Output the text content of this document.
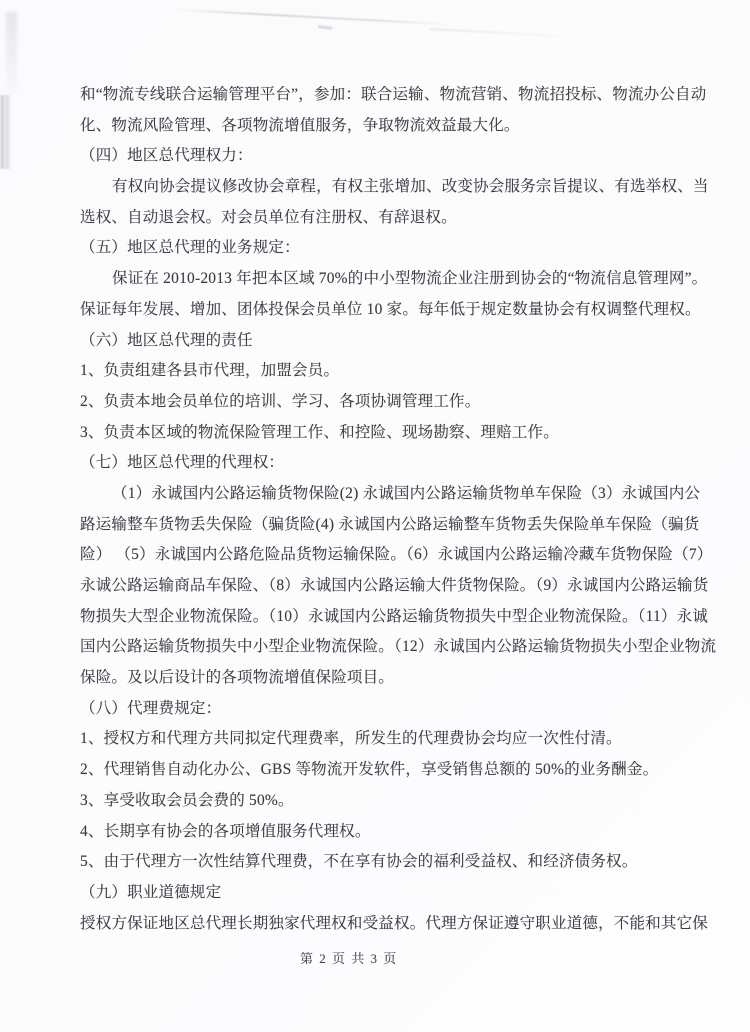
和“物流专线联合运输管理平台”，参加：联合运输、物流营销、物流招投标、物流办公自动
化、物流风险管理、各项物流增值服务，争取物流效益最大化。
（四）地区总代理权力：
有权向协会提议修改协会章程，有权主张增加、改变协会服务宗旨提议、有选举权、当
选权、自动退会权。对会员单位有注册权、有辞退权。
（五）地区总代理的业务规定：
保证在 2010-2013 年把本区域 70%的中小型物流企业注册到协会的“物流信息管理网”。
保证每年发展、增加、团体投保会员单位 10 家。每年低于规定数量协会有权调整代理权。
（六）地区总代理的责任
1、负责组建各县市代理，加盟会员。
2、负责本地会员单位的培训、学习、各项协调管理工作。
3、负责本区域的物流保险管理工作、和控险、现场勘察、理赔工作。
（七）地区总代理的代理权：
（1）永诚国内公路运输货物保险(2) 永诚国内公路运输货物单车保险（3）永诚国内公
路运输整车货物丢失保险（骗货险(4) 永诚国内公路运输整车货物丢失保险单车保险（骗货
险） （5）永诚国内公路危险品货物运输保险。（6）永诚国内公路运输冷藏车货物保险（7）
永诚公路运输商品车保险、（8）永诚国内公路运输大件货物保险。（9）永诚国内公路运输货
物损失大型企业物流保险。（10）永诚国内公路运输货物损失中型企业物流保险。（11）永诚
国内公路运输货物损失中小型企业物流保险。（12）永诚国内公路运输货物损失小型企业物流
保险。及以后设计的各项物流增值保险项目。
（八）代理费规定：
1、授权方和代理方共同拟定代理费率，所发生的代理费协会均应一次性付清。
2、代理销售自动化办公、GBS 等物流开发软件，享受销售总额的 50%的业务酬金。
3、享受收取会员会费的 50%。
4、长期享有协会的各项增值服务代理权。
5、由于代理方一次性结算代理费，不在享有协会的福利受益权、和经济债务权。
（九）职业道德规定
授权方保证地区总代理长期独家代理权和受益权。代理方保证遵守职业道德，不能和其它保
第 2 页 共 3 页
